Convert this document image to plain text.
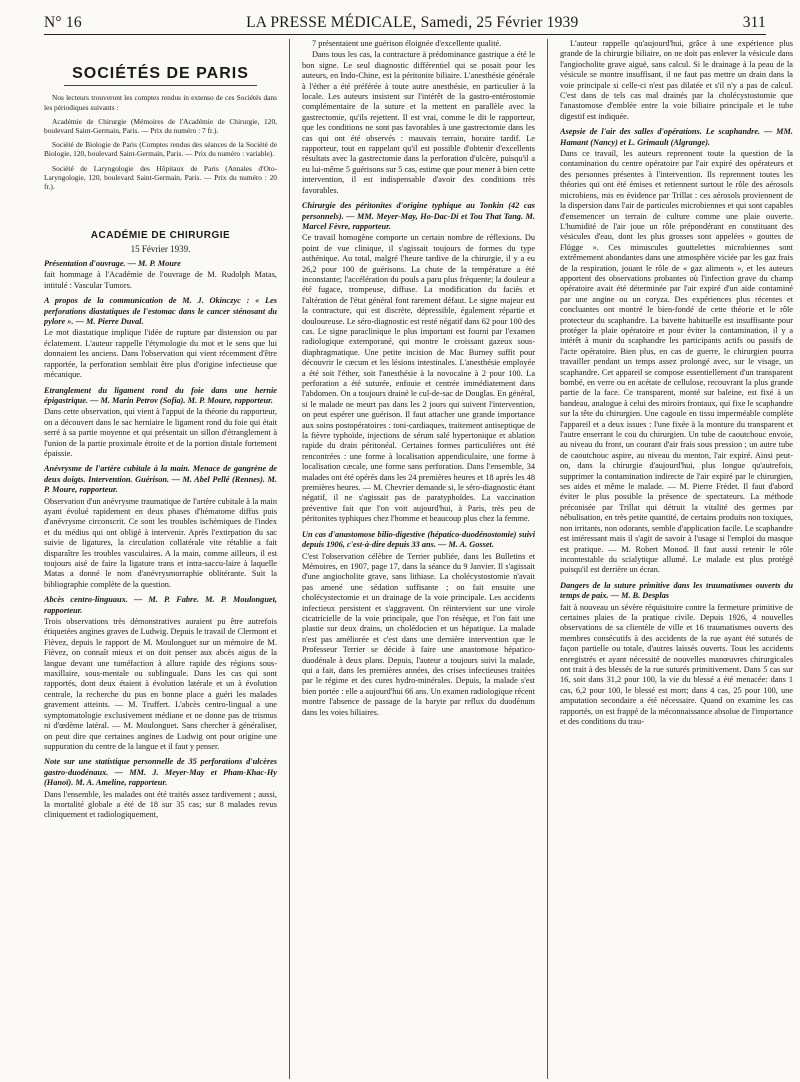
N° 16	LA PRESSE MÉDICALE, Samedi, 25 Février 1939	311
SOCIÉTÉS DE PARIS

Nos lecteurs trouveront les comptes rendus in extenso de ces Sociétés dans les périodiques suivants :

Académie de Chirurgie (Mémoires de l'Académie de Chirurgie, 120, boulevard Saint-Germain, Paris. — Prix du numéro : 7 fr.).

Société de Biologie de Paris (Comptes rendus des séances de la Société de Biologie, 120, boulevard Saint-Germain, Paris. — Prix du numéro : variable).

Société de Laryngologie des Hôpitaux de Paris (Annales d'Oto-Laryngologie, 120, boulevard Saint-Germain, Paris. — Prix du numéro : 20 fr.).

ACADÉMIE DE CHIRURGIE
15 Février 1939.
Présentation d'ouvrage. — M. P. Moure

fait hommage à l'Académie de l'ouvrage de M. Rudolph Matas, intitulé : Vascular Tumors.

A propos de la communication de M. J. Okinczyc : « Les perforations diastatiques de l'estomac dans le cancer sténosant du pylore ». — M. Pierre Duval.

Le mot diastatique implique l'idée de rupture par distension ou par éclatement. L'auteur rappelle l'étymologie du mot et le sens que lui donnaient les anciens. Dans l'observation qui vient récemment d'être rapportée, la perforation semblait être plus d'origine infectieuse que mécanique.

Etranglement du ligament rond du foie dans une hernie épigastrique. — M. Marin Petrov (Sofia). M. P. Moure, rapporteur.

Dans cette observation, qui vient à l'appui de la théorie du rapporteur, on a découvert dans le sac herniaire le ligament rond du foie qui était serré à sa partie moyenne et qui présentait un sillon d'étranglement à l'union de la partie proximale étroite et de la portion distale fortement épaissie.

Anévrysme de l'artère cubitale à la main. Menace de gangrène de deux doigts. Intervention. Guérison. — M. Abel Pellé (Rennes). M. P. Moure, rapporteur.

Observation d'un anévrysme traumatique de l'artère cubitale à la main ayant évolué rapidement en deux phases d'hématome diffus puis d'anévrysme circonscrit. Ce sont les troubles ischémiques de l'index et du médius qui ont obligé à intervenir. Après l'extirpation du sac suivie de ligatures, la circulation collatérale vite rétablie a fait disparaître les troubles vasculaires. A la main, comme ailleurs, il est toujours aisé de faire la ligature trans et intra-saccu-laire à laquelle Matas a donné le nom d'anévrysmorraphie oblitérante. Suit la bibliographie complète de la question.

Abcès centro-linguaux. — M. P. Fabre. M. P. Moulonguet, rapporteur.

Trois observations très démonstratives auraient pu être autrefois étiquetées angines graves de Ludwig. Depuis le travail de Clermont et Fièvez, depuis le rapport de M. Moulonguet sur un mémoire de M. Fièvez, on connaît mieux et on doit penser aux abcès aigus de la langue devant une tuméfaction à allure rapide des régions sous-maxillaire, sous-mentale ou sublinguale. Dans les cas qui sont rapportés, dont deux étaient à évolution latérale et un à évolution centrale, la recherche du pus en bonne place a guéri les malades gravement atteints. — M. Truffert. L'abcès centro-lingual a une symptomatologie exclusivement médiane et ne donne pas de trismus ni d'œdème latéral. — M. Moulonguet. Sans chercher à généraliser, on peut dire que certaines angines de Ludwig ont pour origine une suppuration du centre de la langue et il faut y penser.

Note sur une statistique personnelle de 35 perforations d'ulcères gastro-duodénaux. — MM. J. Meyer-May et Pham-Khac-Hy (Hanoï). M. A. Ameline, rapporteur.

Dans l'ensemble, les malades ont été traités assez tardivement ; aussi, la mortalité globale a été de 18 sur 35 cas; sur 8 malades revus cliniquement et radiologiquement,

7 présentaient une guérison éloignée d'excellente qualité.

Dans tous les cas, la contracture à prédominance gastrique a été le bon signe. Le seul diagnostic différentiel qui se posait pour les auteurs, en Indo-Chine, est la péritonite biliaire. L'anesthésie générale à l'éther a été préférée à toute autre anesthésie, en particulier à la locale. Les auteurs insistent sur l'intérêt de la gastro-entérostomie complémentaire de la suture et la mettent en parallèle avec la gastrectomie, qu'ils rejettent. Il est vrai, comme le dit le rapporteur, que les conditions ne sont pas favorables à une gastrectomie dans les cas qui ont été observés : mauvais terrain, horaire tardif. Le rapporteur, tout en rappelant qu'il est possible d'obtenir d'excellents résultats avec la gastrectomie dans la perforation d'ulcère, puisqu'il a eu lui-même 5 guérisons sur 5 cas, estime que pour mener à bien cette intervention, il est indispensable d'avoir des conditions très favorables.

Chirurgie des péritonites d'origine typhique au Tonkin (42 cas personnels). — MM. Meyer-May, Ho-Dac-Di et Tou That Tang. M. Marcel Fèvre, rapporteur.

Ce travail homogène comporte un certain nombre de réflexions. Du point de vue clinique, il s'agissait toujours de formes du type asthénique. Au total, malgré l'heure tardive de la chirurgie, il y a eu 26,2 pour 100 de guérisons. La chute de la température a été inconstante; l'accélération du pouls a paru plus fréquente; la douleur a été fugace, trompeuse, diffuse. La modification du faciès et l'altération de l'état général font rarement défaut. Le signe majeur est la contracture, qui est discrète, dépressible, également répartie et douloureuse. Le séro-diagnostic est resté négatif dans 62 pour 100 des cas. Le signe paraclinique le plus important est fourni par l'examen radiologique extemporané, qui montre le croissant gazeux sous-diaphragmatique. Une petite incision de Mac Burney suffit pour découvrir le cæcum et les lésions intestinales. L'anesthésie employée a été soit l'éther, soit l'anesthésie à la novocaïne à 2 pour 100. La perforation a été suturée, enfouie et centrée immédiatement dans l'abdomen. On a toujours drainé le cul-de-sac de Douglas. En général, si le malade ne meurt pas dans les 2 jours qui suivent l'intervention, on peut espérer une guérison. Il faut attacher une grande importance aux soins postopératoires : toni-cardiaques, traitement antiseptique de la fièvre typhoïde, injections de sérum salé hypertonique et ablation rapide du drain péritonéal. Certaines formes particulières ont été rencontrées : une forme à localisation appendiculaire, une forme à localisation cæcale, une forme sans perforation. Dans l'ensemble, 34 malades ont été opérés dans les 24 premières heures et 18 après les 48 premières heures. — M. Chevrier demande si, le séro-diagnostic étant négatif, il ne s'agissait pas de paratyphoïdes. La vaccination préventive fait que l'on voit aujourd'hui, à Paris, très peu de péritonites typhiques chez l'homme et beaucoup plus chez la femme.

Un cas d'anastomose bilio-digestive (hépatico-duodénostomie) suivi depuis 1906, c'est-à-dire depuis 33 ans. — M. A. Gosset.

C'est l'observation célèbre de Terrier publiée, dans les Bulletins et Mémoires, en 1907, page 17, dans la séance du 9 Janvier. Il s'agissait d'une angiocholite grave, sans lithiase. La cholécystostomie n'avait pas amené une sédation suffisante ; on fait ensuite une cholécystectomie et un drainage de la voie principale. Les accidents infectieux persistent et s'aggravent. On réintervient sur une virole cicatricielle de la voie principale, que l'on résèque, et l'on fait une plastie sur deux drains, un cholédocien et un hépatique. La malade n'est pas améliorée et c'est dans une dernière intervention que le Professeur Terrier se décide à faire une anastomose hépatico-duodénale à deux plans. Depuis, l'auteur a toujours suivi la malade, qui a fait, dans les premières années, des crises infectieuses traitées par le régime et des cures hydro-minérales. Depuis, la malade s'est bien portée : elle a aujourd'hui 66 ans. Un examen radiologique récent montre l'absence de passage de la baryte par reflux du duodénum dans les voies biliaires.

L'auteur rappelle qu'aujourd'hui, grâce à une expérience plus grande de la chirurgie biliaire, on ne doit pas enlever la vésicule dans l'angiocholite grave aiguë, sans calcul. Si le drainage à la peau de la vésicule se montre insuffisant, il ne faut pas mettre un drain dans la voie principale si celle-ci n'est pas dilatée et s'il n'y a pas de calcul. C'est dans de tels cas mal drainés par la cholécystostomie que l'anastomose d'emblée entre la voie biliaire principale et le tube digestif est indiquée.

Asepsie de l'air des salles d'opérations. Le scaphandre. — MM. Hamant (Nancy) et L. Grimault (Algrange).

Dans ce travail, les auteurs reprennent toute la question de la contamination du centre opératoire par l'air expiré des opérateurs et des personnes présentes à l'intervention. Ils reprennent toutes les théories qui ont été émises et retiennent surtout le rôle des aérosols microbiens, mis en évidence par Trillat : ces aérosols proviennent de la dispersion dans l'air de particules microbiennes et qui sont capables d'ensemencer un terrain de culture comme une plaie ouverte. L'humidité de l'air joue un rôle prépondérant en constituant des vésicules d'eau, dont les plus grosses sont appelées « gouttes de Flügge ». Ces minuscules gouttelettes microbiennes sont extrêmement abondantes dans une atmosphère viciée par les gaz frais de la respiration, jouant le rôle de « gaz aliments », et les auteurs apportent des observations probantes où l'infection grave du champ opératoire avait été déterminée par l'air expiré d'un aide contaminé par une angine ou un coryza. Des expériences plus récentes et concluantes ont montré le bien-fondé de cette théorie et le rôle protecteur du scaphandre. La bavette habituelle est insuffisante pour protéger la plaie opératoire et pour éviter la contamination, il y a intérêt à munir du scaphandre les participants actifs ou passifs de l'acte opératoire. Bien plus, en cas de guerre, le chirurgien pourra travailler pendant un temps assez prolongé avec, sur le visage, un scaphandre. Cet appareil se compose essentiellement d'un transparent bombé, en verre ou en acétate de cellulose, recouvrant la plus grande partie de la face. Ce transparent, monté sur baleine, est fixé à un bandeau, analogue à celui des miroirs frontaux, qui fixe le scaphandre sur la tête du chirurgien. Une cagoule en tissu imperméable complète l'appareil et a deux issues : l'une fixée à la monture du transparent et l'autre enserrant le cou du chirurgien. Un tube de caoutchouc envoie, au niveau du front, un courant d'air frais sous pression ; un autre tube de caoutchouc aspire, au niveau du menton, l'air expiré. Ainsi peut-on, dans la chirurgie d'aujourd'hui, plus longue qu'autrefois, supprimer la contamination indirecte de l'air expiré par le chirurgien, ses aides et même le malade. — M. Pierre Frédet. Il faut d'abord éviter le plus possible la présence de spectateurs. La méthode préconisée par Trillat qui détruit la vitalité des germes par nébulisation, en très petite quantité, de certains produits non toxiques, non irritants, non odorants, semble d'application facile. Le scaphandre est intéressant mais il s'agit de savoir à l'usage si l'emploi du masque est pratique. — M. Robert Monod. Il faut aussi retenir le rôle incontestable du scialytique allumé. Le malade est plus protégé puisqu'il est derrière un écran.

Dangers de la suture primitive dans les traumatismes ouverts du temps de paix. — M. B. Desplas

fait à nouveau un sévère réquisitoire contre la fermeture primitive de certaines plaies de la pratique civile. Depuis 1926, 4 nouvelles observations de sa clientèle de ville et 16 traumatismes ouverts des membres consécutifs à des accidents de la rue ayant été suturés de façon partielle ou totale, d'autres laissés ouverts. Tous les accidents enregistrés et ayant nécessité de nouvelles manœuvres chirurgicales ont trait à des blessés de la rue suturés primitivement. Dans 5 cas sur 16, soit dans 31,2 pour 100, la vie du blessé a été menacée: dans 1 cas, 6,2 pour 100, le blessé est mort; dans 4 cas, 25 pour 100, une amputation secondaire a été nécessaire. Quand on examine les cas rapportés, on est frappé de la méconnaissance absolue de l'importance et des conditions du trau-
